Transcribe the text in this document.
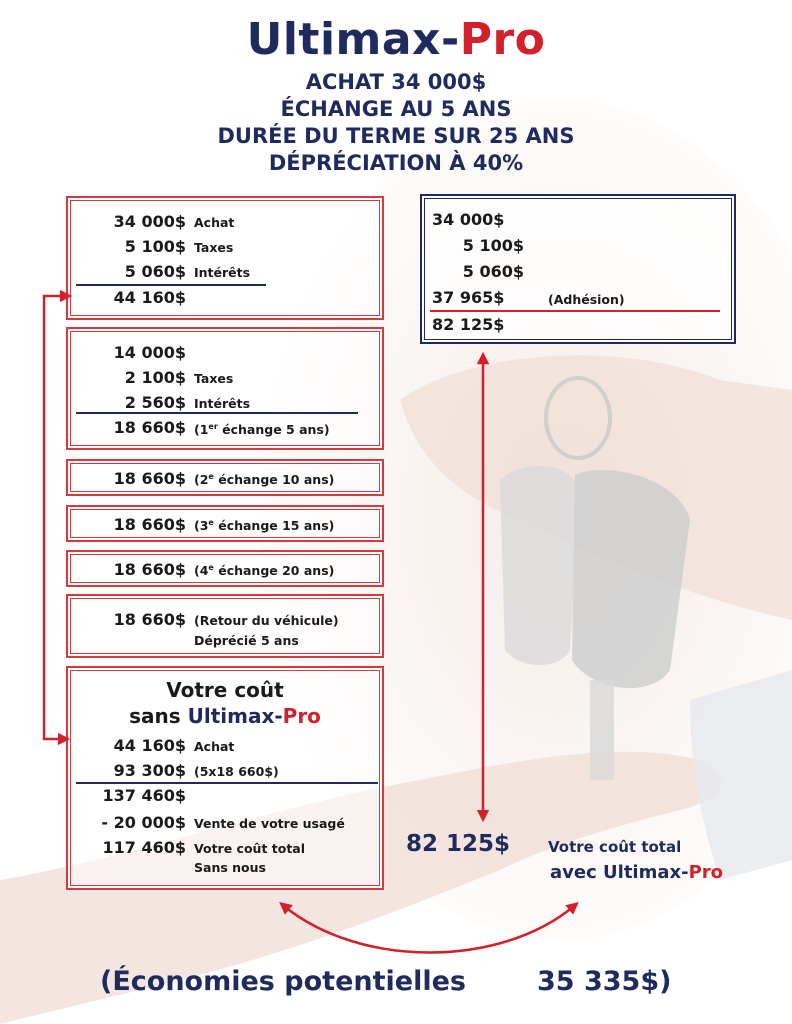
Ultimax-Pro
ACHAT 34 000$
ÉCHANGE AU 5 ANS
DURÉE DU TERME SUR 25 ANS
DÉPRÉCIATION À 40%
34 000$ Achat
5 100$ Taxes
5 060$ Intérêts
44 160$
14 000$
2 100$ Taxes
2 560$ Intérêts
18 660$ (1er échange 5 ans)
18 660$ (2e échange 10 ans)
18 660$ (3e échange 15 ans)
18 660$ (4e échange 20 ans)
18 660$ (Retour du véhicule)
Déprécié 5 ans
Votre coût
sans Ultimax-Pro
44 160$ Achat
93 300$ (5x18 660$)
137 460$
- 20 000$ Vente de votre usagé
117 460$ Votre coût total
Sans nous
34 000$
5 100$
5 060$
37 965$	(Adhésion)
82 125$
82 125$	Votre coût total
avec Ultimax-Pro
(Économies potentielles	35 335$)
